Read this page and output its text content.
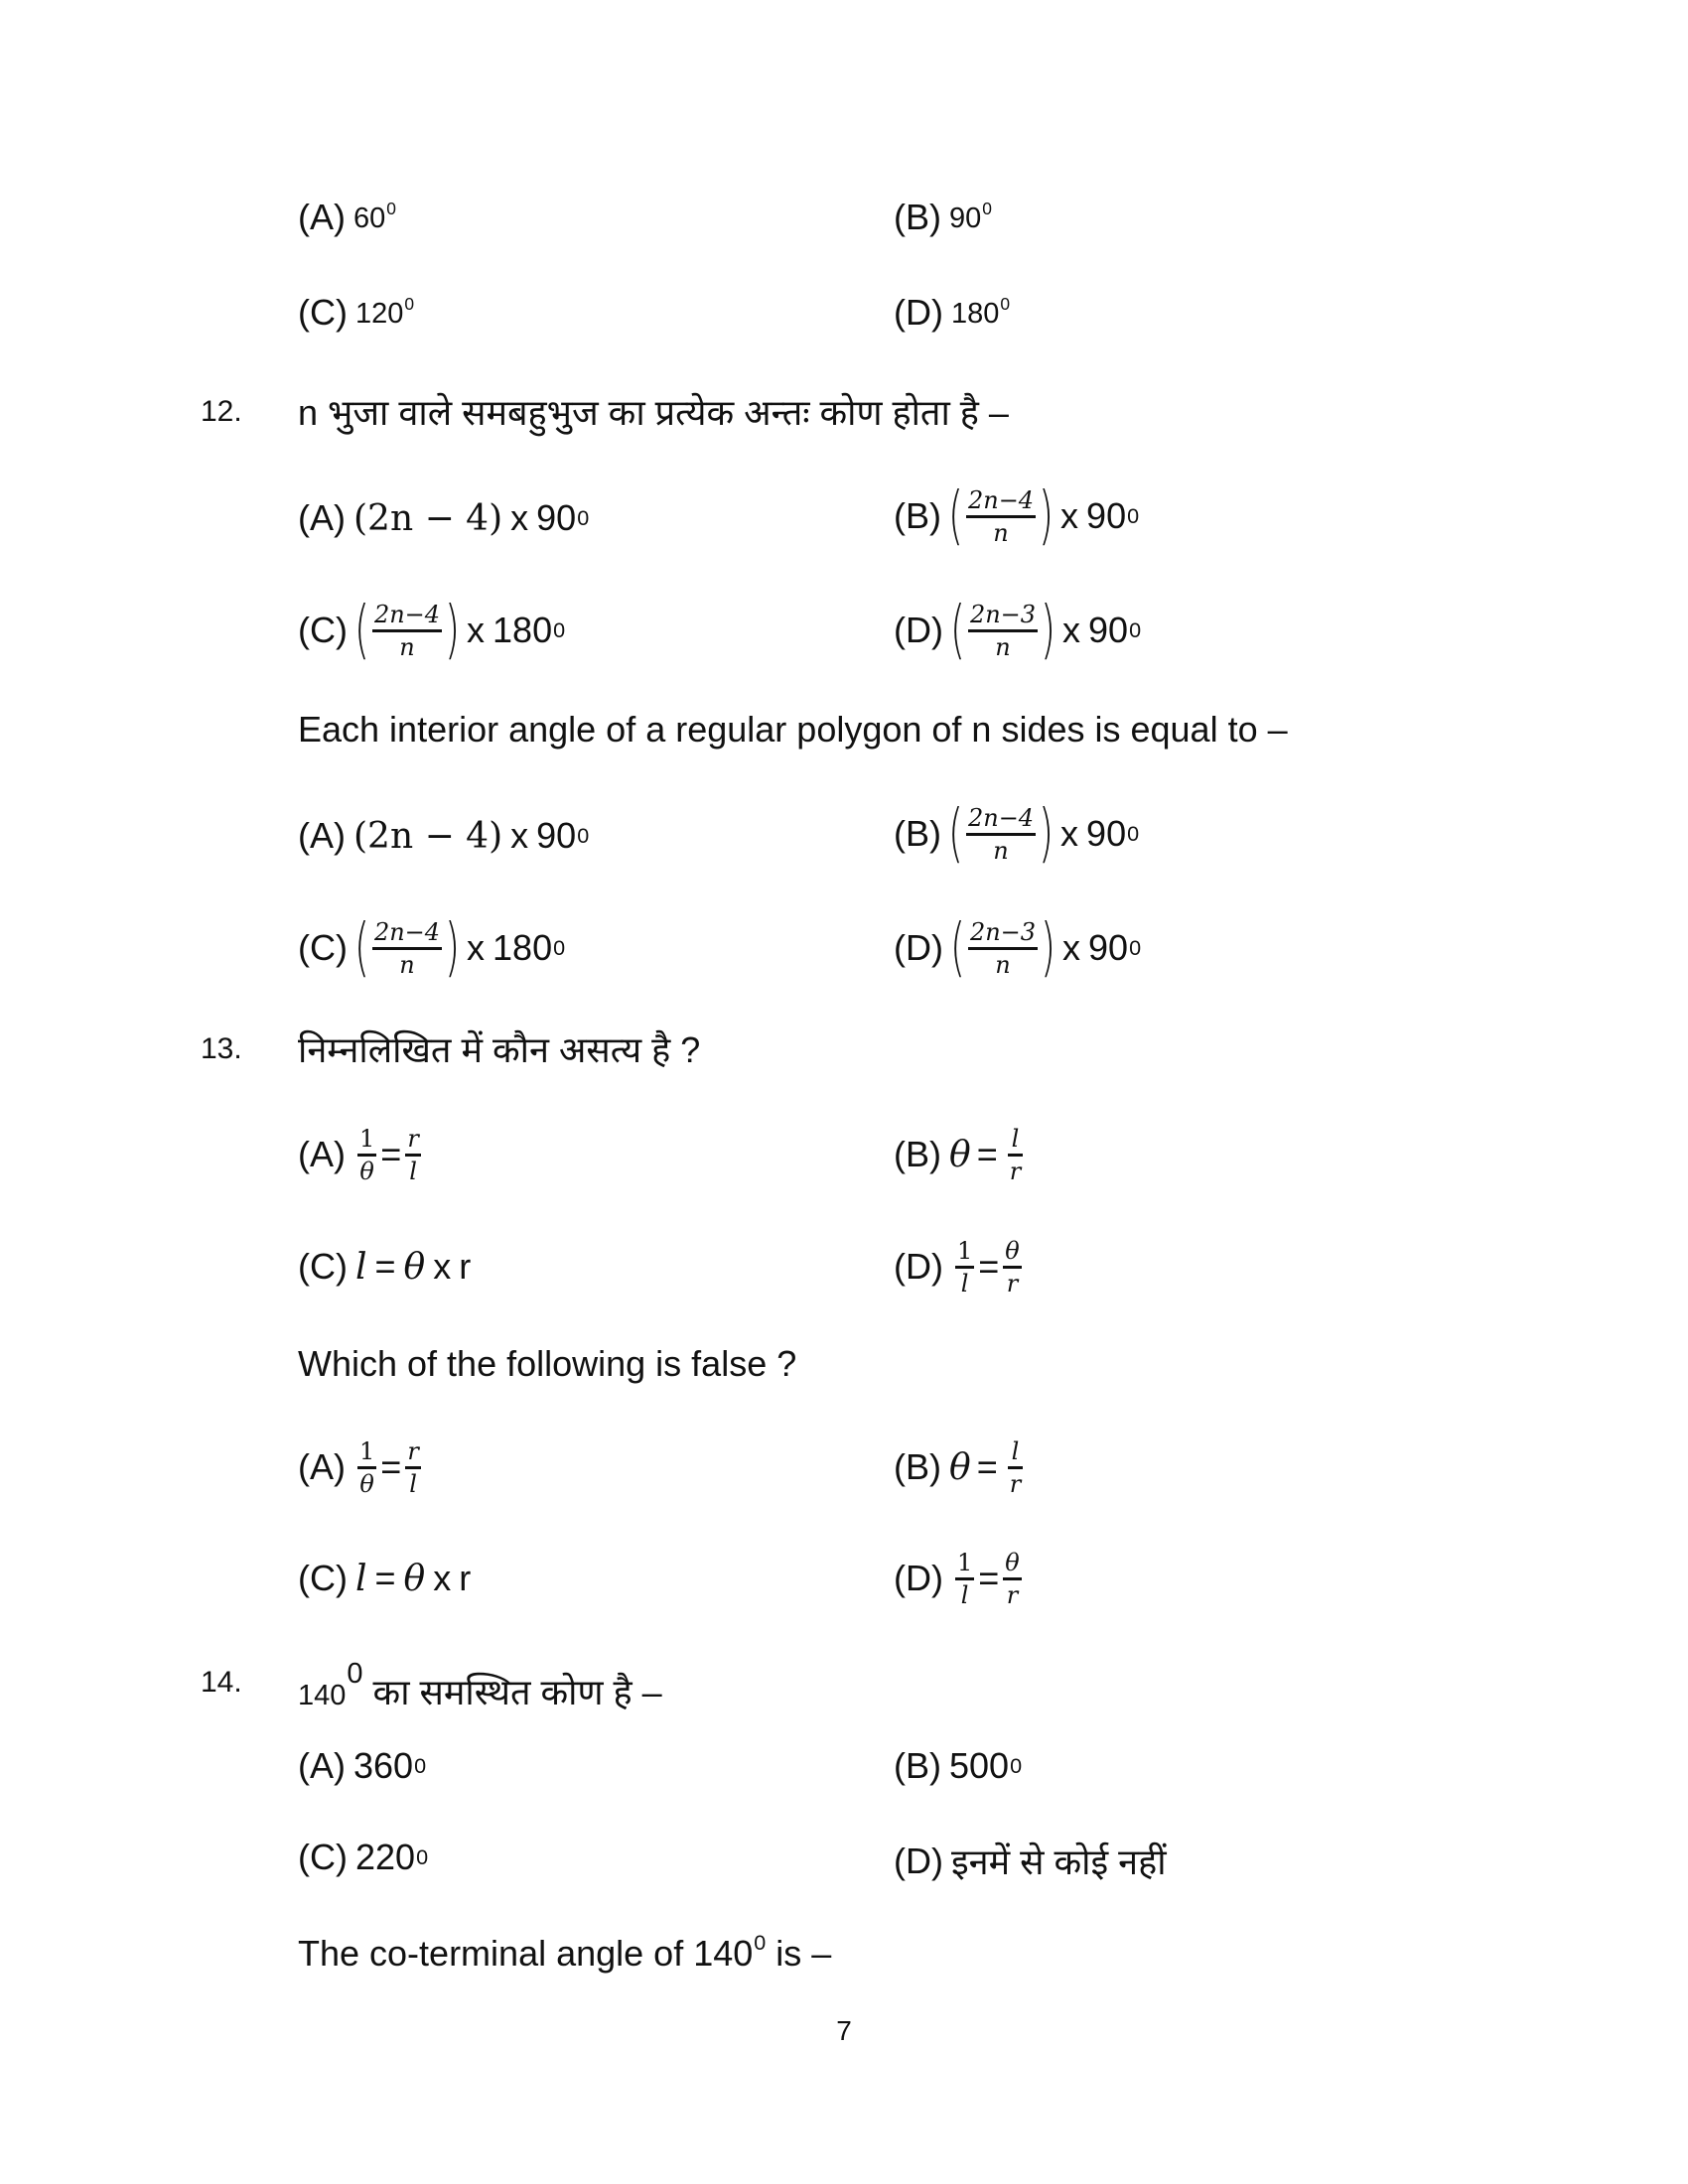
(A) $60^0$	(B) $90^0$
(C) $120^0$	(D) $180^0$
12. n भुजा वाले समबहुभुज का प्रत्येक अन्तः कोण होता है –
(A) (2n − 4) x 90 0	(B) ( $\frac{2n-4}{n}$ ) x 90 0
(C) ( $\frac{2n-4}{n}$ ) x 180 0	(D) ( $\frac{2n-3}{n}$ ) x 90 0
Each interior angle of a regular polygon of n sides is equal to –
(A) (2n − 4) x 90 0	(B) ( $\frac{2n-4}{n}$ ) x 90 0
(C) ( $\frac{2n-4}{n}$ ) x 180 0	(D) ( $\frac{2n-3}{n}$ ) x 90 0
13. निम्नलिखित में कौन असत्य है ?
$(A) \frac{1}{\theta} = \frac{r}{l}$	(B) $\theta = \frac{l}{r}$
(C) l = θ x r	$(D) \frac{1}{l} = \frac{\theta}{r}$
Which of the following is false ?
$(A) \frac{1}{\theta} = \frac{r}{l}$	(B) $\theta = \frac{l}{r}$
(C) l = θ x r	$(D) \frac{1}{l} = \frac{\theta}{r}$
14. $140^0$ का समस्थित कोण है –
(A) 360 0	(B) 500 0
(C) 220 0	(D) इनमें से कोई नहीं
The co-terminal angle of $140^0$ is –
7
